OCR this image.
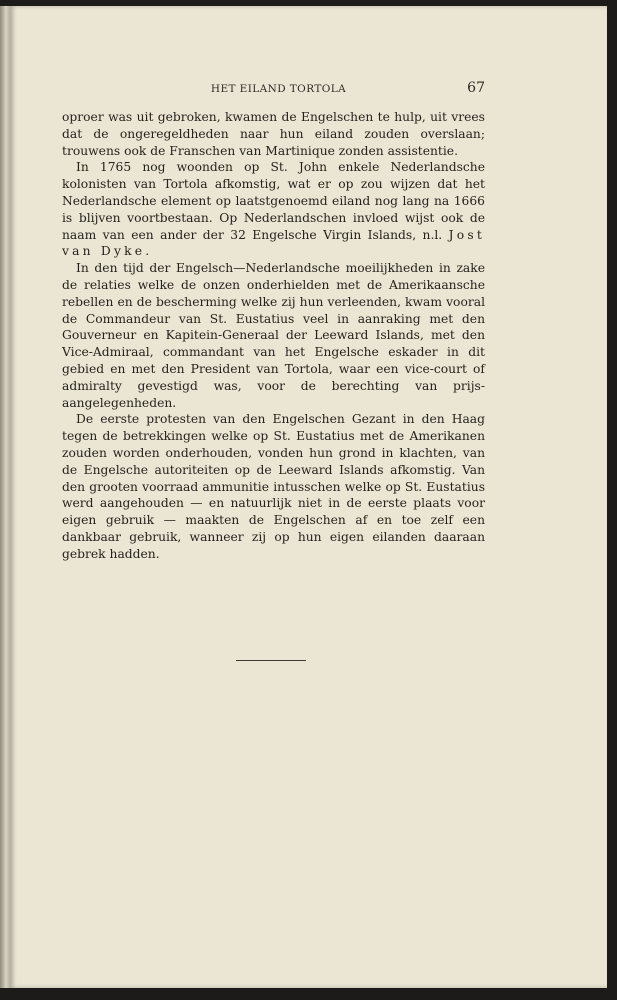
HET EILAND TORTOLA	67

oproer was uit gebroken, kwamen de Engelschen te hulp, uit vrees dat de ongeregeldheden naar hun eiland zouden overslaan; trouwens ook de Franschen van Martinique zonden assistentie.

In 1765 nog woonden op St. John enkele Nederlandsche kolonisten van Tortola afkomstig, wat er op zou wijzen dat het Nederlandsche element op laatstgenoemd eiland nog lang na 1666 is blijven voortbestaan. Op Nederlandschen invloed wijst ook de naam van een ander der 32 Engelsche Virgin Islands, n.l. Jost van Dyke.

In den tijd der Engelsch—Nederlandsche moeilijkheden in zake de relaties welke de onzen onderhielden met de Amerikaansche rebellen en de bescherming welke zij hun verleenden, kwam vooral de Commandeur van St. Eustatius veel in aanraking met den Gouverneur en Kapitein-Generaal der Leeward Islands, met den Vice-Admiraal, commandant van het Engelsche eskader in dit gebied en met den President van Tortola, waar een vice-court of admiralty gevestigd was, voor de berechting van prijs-aangelegenheden.

De eerste protesten van den Engelschen Gezant in den Haag tegen de betrekkingen welke op St. Eustatius met de Amerikanen zouden worden onderhouden, vonden hun grond in klachten, van de Engelsche autoriteiten op de Leeward Islands afkomstig. Van den grooten voorraad ammunitie intusschen welke op St. Eustatius werd aangehouden — en natuurlijk niet in de eerste plaats voor eigen gebruik — maakten de Engelschen af en toe zelf een dankbaar gebruik, wanneer zij op hun eigen eilanden daaraan gebrek hadden.
